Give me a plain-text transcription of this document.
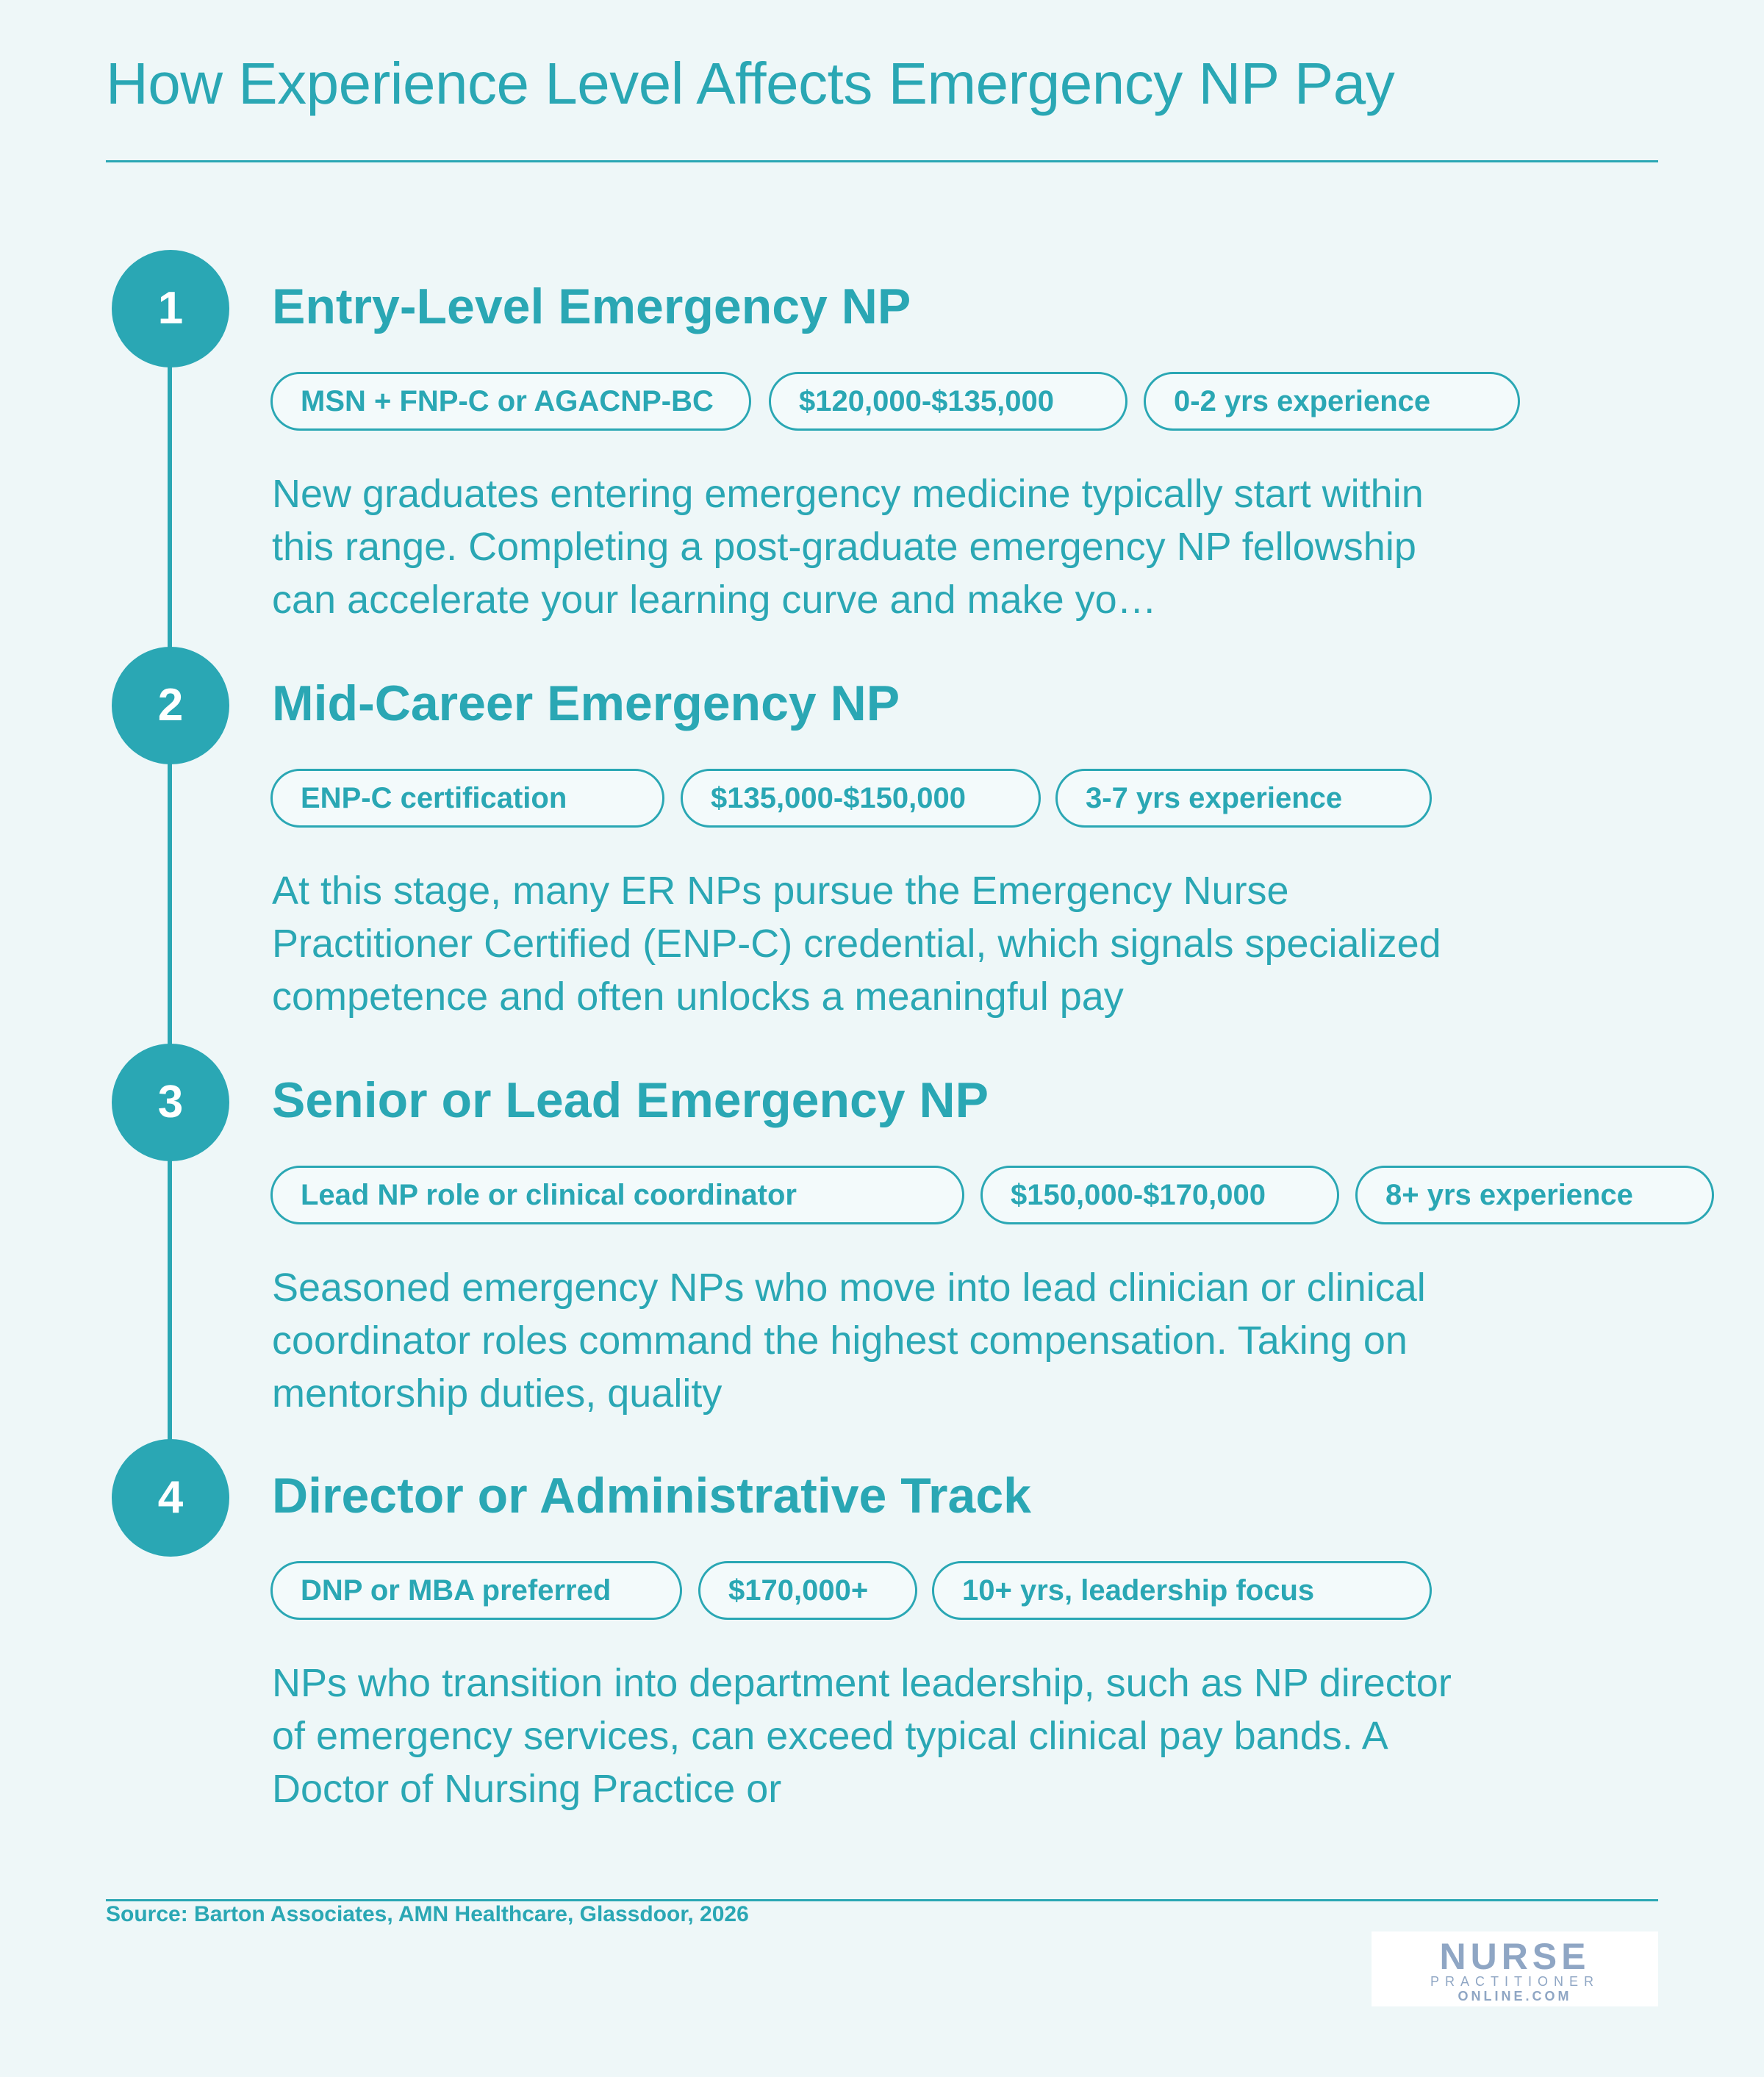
How Experience Level Affects Emergency NP Pay
1	Entry-Level Emergency NP
MSN + FNP-C or AGACNP-BC	$120,000-$135,000	0-2 yrs experience

New graduates entering emergency medicine typically start within this range. Completing a post-graduate emergency NP fellowship can accelerate your learning curve and make yo…

2	Mid-Career Emergency NP
ENP-C certification	$135,000-$150,000	3-7 yrs experience

At this stage, many ER NPs pursue the Emergency Nurse Practitioner Certified (ENP-C) credential, which signals specialized competence and often unlocks a meaningful pay

3	Senior or Lead Emergency NP
Lead NP role or clinical coordinator	$150,000-$170,000	8+ yrs experience

Seasoned emergency NPs who move into lead clinician or clinical coordinator roles command the highest compensation. Taking on mentorship duties, quality

4	Director or Administrative Track
DNP or MBA preferred	$170,000+	10+ yrs, leadership focus

NPs who transition into department leadership, such as NP director of emergency services, can exceed typical clinical pay bands. A Doctor of Nursing Practice or

Source: Barton Associates, AMN Healthcare, Glassdoor, 2026

NURSE
PRACTITIONER
ONLINE.COM
